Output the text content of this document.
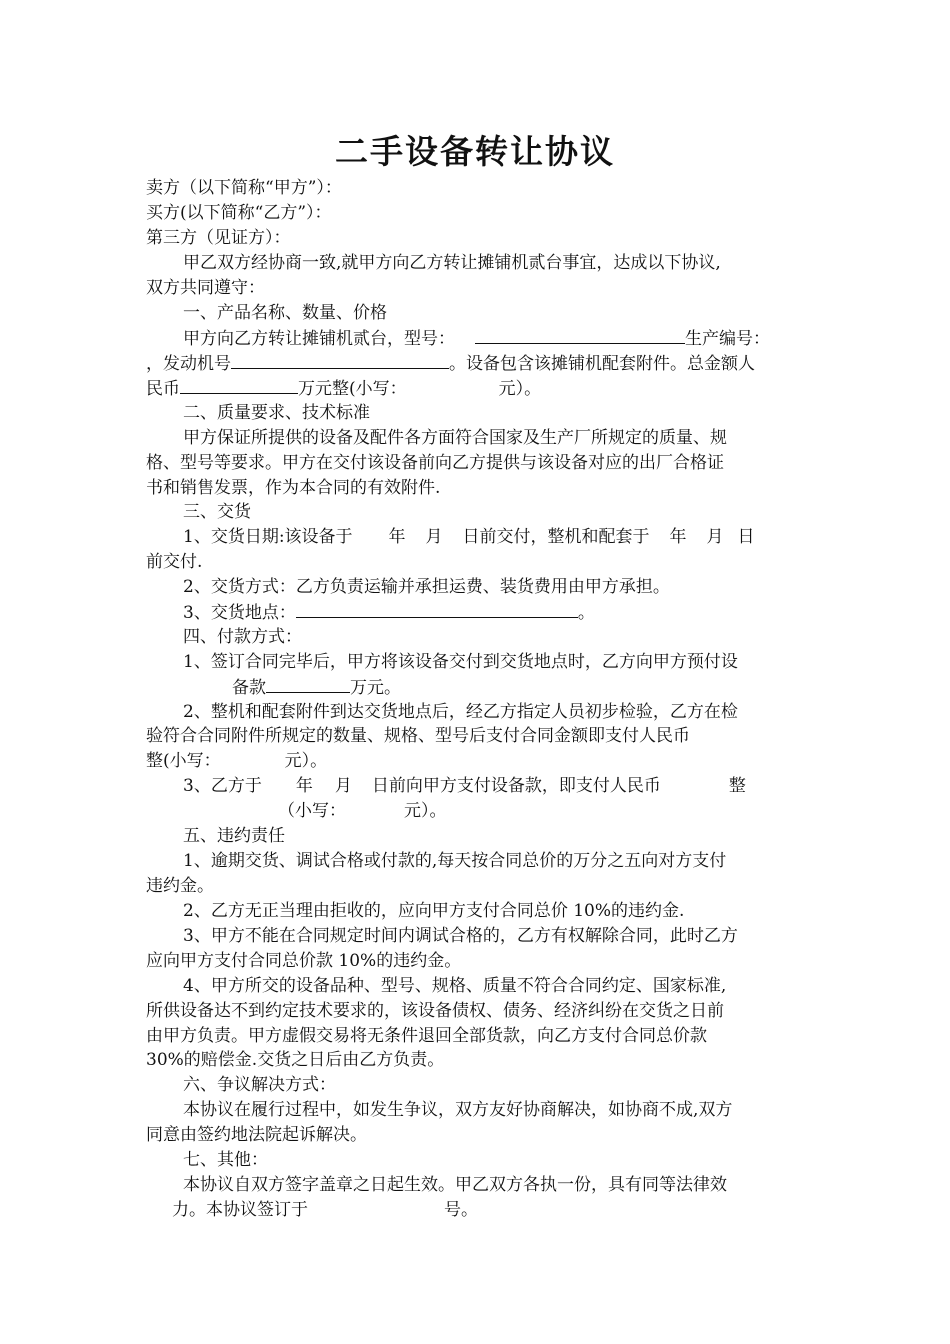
二手设备转让协议
卖方（以下简称“甲方”）：
买方(以下简称“乙方”）：
第三方（见证方）：
甲乙双方经协商一致,就甲方向乙方转让摊铺机贰台事宜，达成以下协议,
双方共同遵守：
一、产品名称、数量、价格
甲方向乙方转让摊铺机贰台，型号：	生产编号：
，发动机号	。设备包含该摊铺机配套附件。总金额人
民币	万元整(小写：	元）。
二、质量要求、技术标准
甲方保证所提供的设备及配件各方面符合国家及生产厂所规定的质量、规
格、型号等要求。甲方在交付该设备前向乙方提供与该设备对应的出厂合格证
书和销售发票，作为本合同的有效附件.
三、交货
1、交货日期:该设备于 年 月 日前交付，整机和配套于 年 月 日
前交付.
2、交货方式：乙方负责运输并承担运费、装货费用由甲方承担。
3、交货地点：	。
四、付款方式：
1、签订合同完毕后，甲方将该设备交付到交货地点时，乙方向甲方预付设
备款	万元。
2、整机和配套附件到达交货地点后，经乙方指定人员初步检验，乙方在检
验符合合同附件所规定的数量、规格、型号后支付合同金额即支付人民币
整(小写：	元）。
3、乙方于 年 月 日前向甲方支付设备款，即支付人民币	整
（小写：	元）。
五、违约责任
1、逾期交货、调试合格或付款的,每天按合同总价的万分之五向对方支付
违约金。
2、乙方无正当理由拒收的，应向甲方支付合同总价 10%的违约金.
3、甲方不能在合同规定时间内调试合格的，乙方有权解除合同，此时乙方
应向甲方支付合同总价款 10%的违约金。
4、甲方所交的设备品种、型号、规格、质量不符合合同约定、国家标准,
所供设备达不到约定技术要求的，该设备债权、债务、经济纠纷在交货之日前
由甲方负责。甲方虚假交易将无条件退回全部货款，向乙方支付合同总价款
30%的赔偿金.交货之日后由乙方负责。
六、争议解决方式：
本协议在履行过程中，如发生争议，双方友好协商解决，如协商不成,双方
同意由签约地法院起诉解决。
七、其他：
本协议自双方签字盖章之日起生效。甲乙双方各执一份，具有同等法律效
力。本协议签订于	号。
